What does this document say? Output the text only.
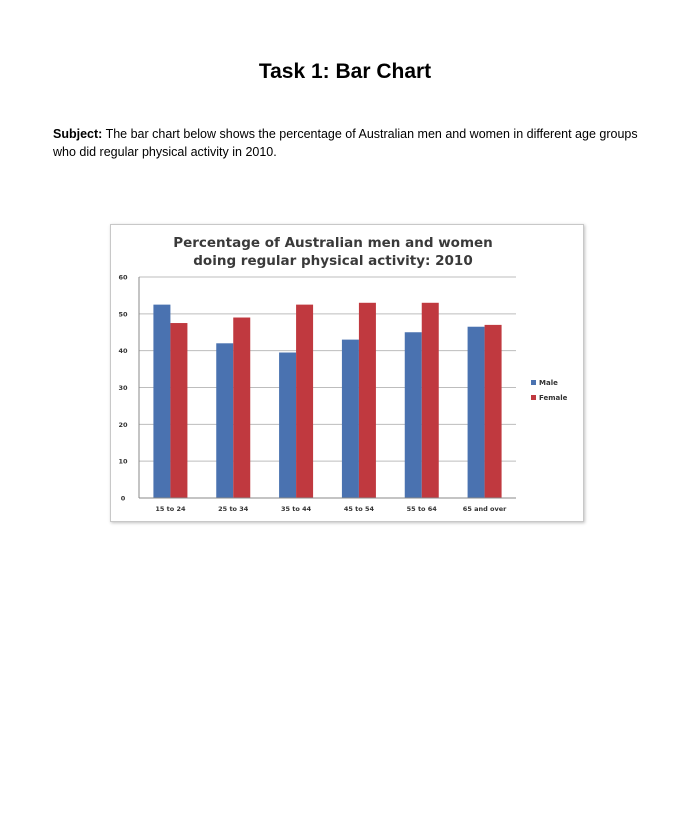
Task 1: Bar Chart

Subject: The bar chart below shows the percentage of Australian men and women in different age groups who did regular physical activity in 2010.

Percentage of Australian men and women
doing regular physical activity: 2010
0
10
20
30
40
50
60
15 to 24	25 to 34	35 to 44	45 to 54	55 to 64	65 and over
Male
Female
